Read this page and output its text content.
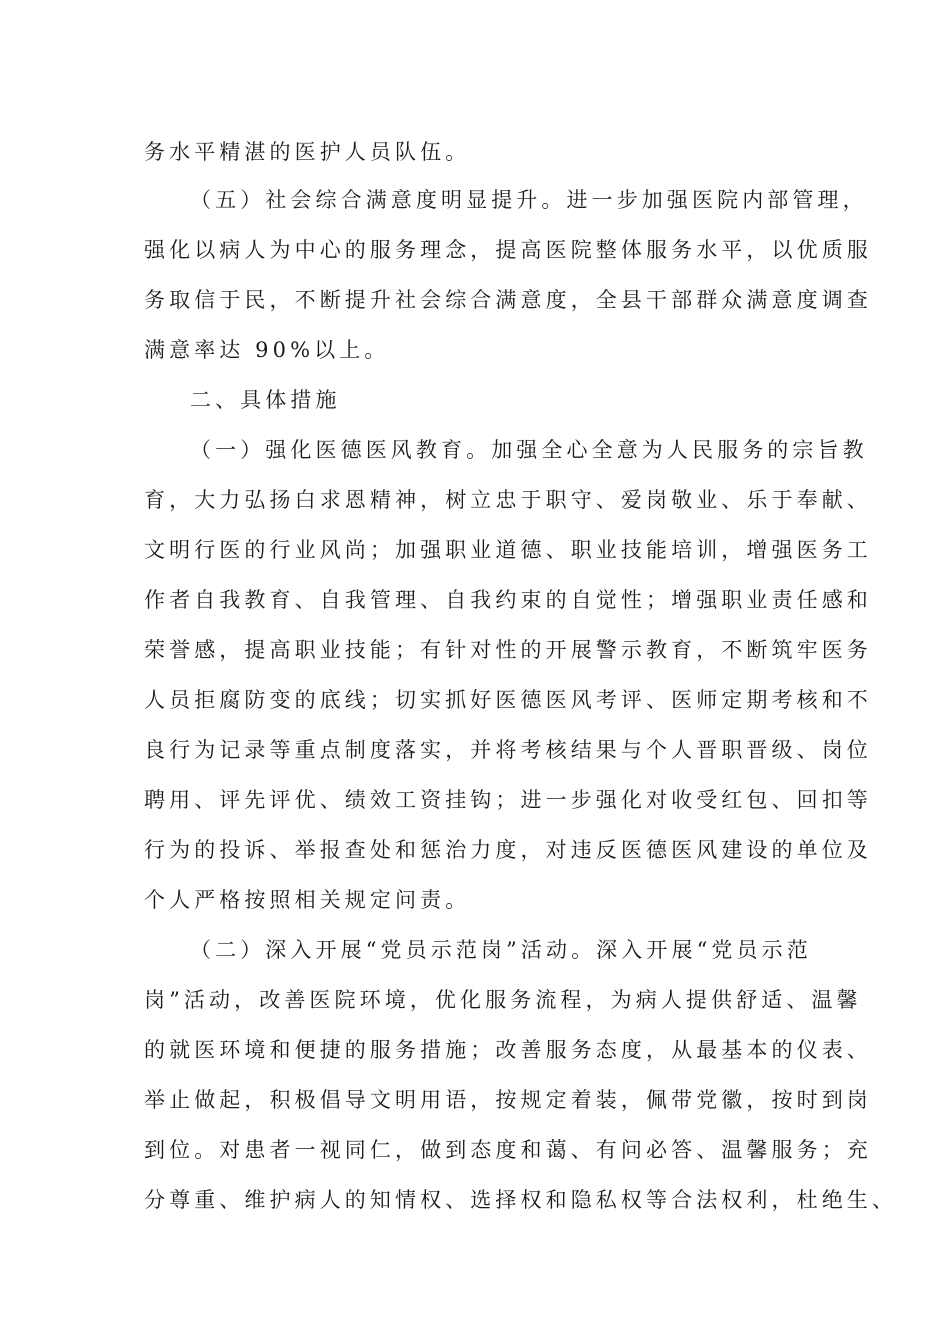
务水平精湛的医护人员队伍。
（五）社会综合满意度明显提升。进一步加强医院内部管理，
强化以病人为中心的服务理念，提高医院整体服务水平，以优质服
务取信于民，不断提升社会综合满意度，全县干部群众满意度调查
满意率达 90%以上。
二、具体措施
（一）强化医德医风教育。加强全心全意为人民服务的宗旨教
育，大力弘扬白求恩精神，树立忠于职守、爱岗敬业、乐于奉献、
文明行医的行业风尚；加强职业道德、职业技能培训，增强医务工
作者自我教育、自我管理、自我约束的自觉性；增强职业责任感和
荣誉感，提高职业技能；有针对性的开展警示教育，不断筑牢医务
人员拒腐防变的底线；切实抓好医德医风考评、医师定期考核和不
良行为记录等重点制度落实，并将考核结果与个人晋职晋级、岗位
聘用、评先评优、绩效工资挂钩；进一步强化对收受红包、回扣等
行为的投诉、举报查处和惩治力度，对违反医德医风建设的单位及
个人严格按照相关规定问责。
（二）深入开展“党员示范岗”活动。深入开展“党员示范
岗”活动，改善医院环境，优化服务流程，为病人提供舒适、温馨
的就医环境和便捷的服务措施；改善服务态度，从最基本的仪表、
举止做起，积极倡导文明用语，按规定着装，佩带党徽，按时到岗
到位。对患者一视同仁，做到态度和蔼、有问必答、温馨服务；充
分尊重、维护病人的知情权、选择权和隐私权等合法权利，杜绝生、
